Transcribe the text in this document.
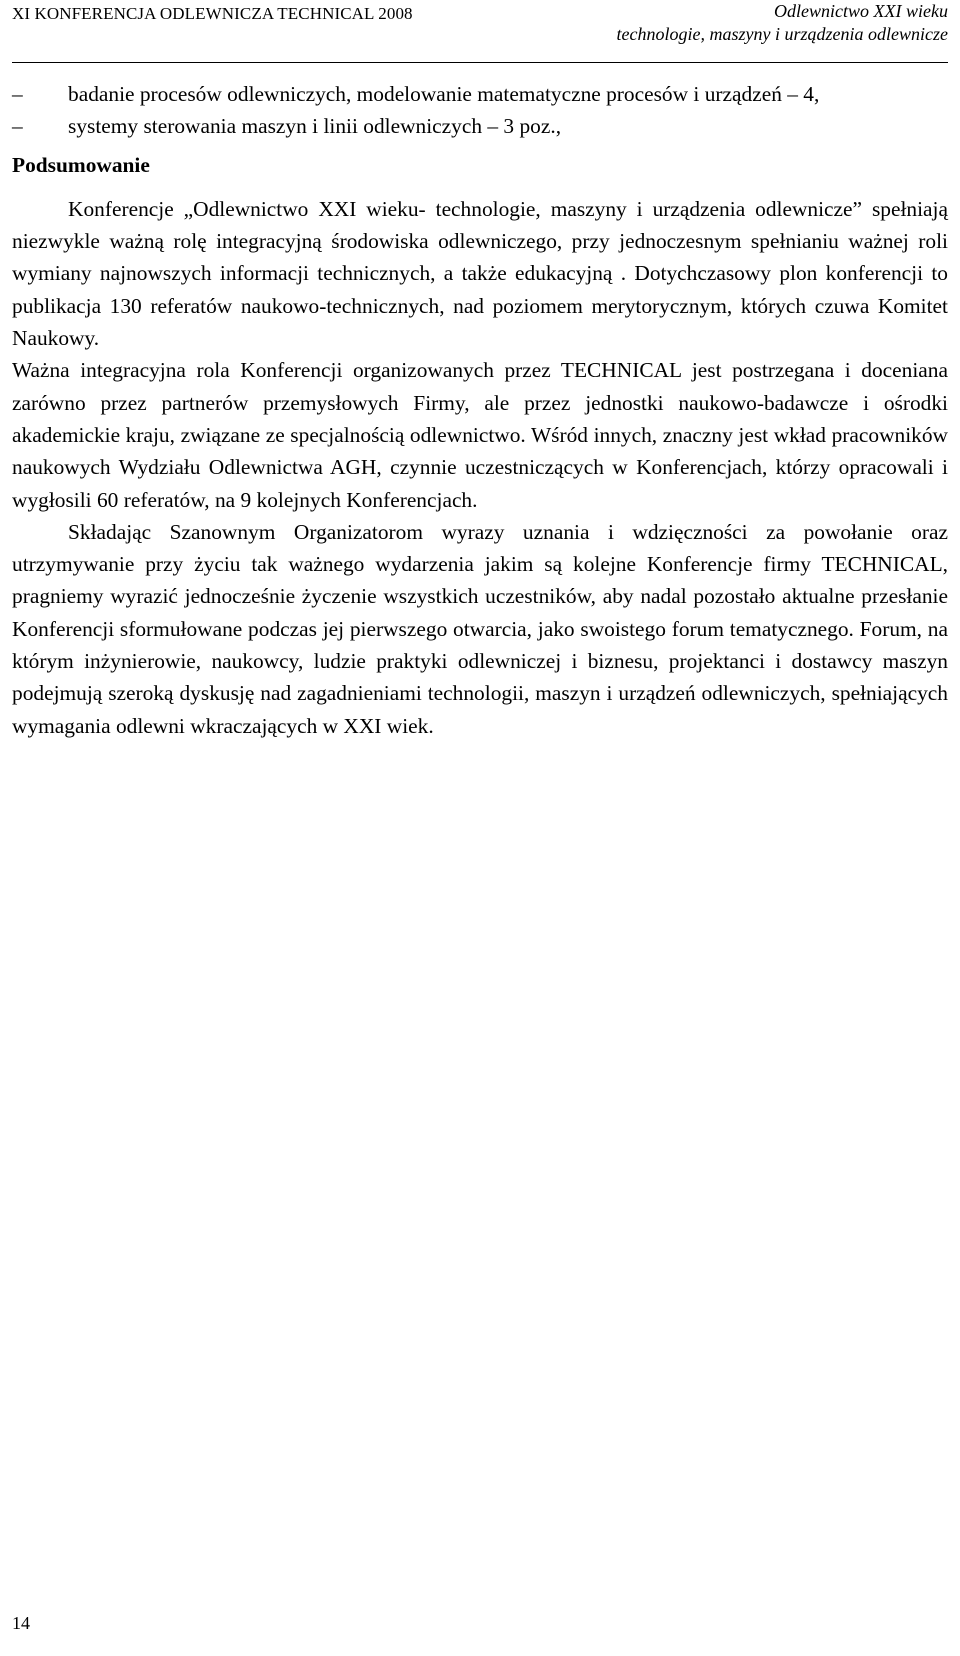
XI KONFERENCJA ODLEWNICZA TECHNICAL 2008	Odlewnictwo XXI wieku
technologie, maszyny i urządzenia odlewnicze
– badanie procesów odlewniczych, modelowanie matematyczne procesów i urządzeń – 4,
– systemy sterowania maszyn i linii odlewniczych – 3 poz.,
Podsumowanie

Konferencje „Odlewnictwo XXI wieku- technologie, maszyny i urządzenia odlewnicze” spełniają niezwykle ważną rolę integracyjną środowiska odlewniczego, przy jednoczesnym spełnianiu ważnej roli wymiany najnowszych informacji technicznych, a także edukacyjną . Dotychczasowy plon konferencji to publikacja 130 referatów naukowo-technicznych, nad poziomem merytorycznym, których czuwa Komitet Naukowy.

Ważna integracyjna rola Konferencji organizowanych przez TECHNICAL jest postrzegana i doceniana zarówno przez partnerów przemysłowych Firmy, ale przez jednostki naukowo-badawcze i ośrodki akademickie kraju, związane ze specjalnością odlewnictwo. Wśród innych, znaczny jest wkład pracowników naukowych Wydziału Odlewnictwa AGH, czynnie uczestniczących w Konferencjach, którzy opracowali i wygłosili 60 referatów, na 9 kolejnych Konferencjach.

Składając Szanownym Organizatorom wyrazy uznania i wdzięczności za powołanie oraz utrzymywanie przy życiu tak ważnego wydarzenia jakim są kolejne Konferencje firmy TECHNICAL, pragniemy wyrazić jednocześnie życzenie wszystkich uczestników, aby nadal pozostało aktualne przesłanie Konferencji sformułowane podczas jej pierwszego otwarcia, jako swoistego forum tematycznego. Forum, na którym inżynierowie, naukowcy, ludzie praktyki odlewniczej i biznesu, projektanci i dostawcy maszyn podejmują szeroką dyskusję nad zagadnieniami technologii, maszyn i urządzeń odlewniczych, spełniających wymagania odlewni wkraczających w XXI wiek.

14
